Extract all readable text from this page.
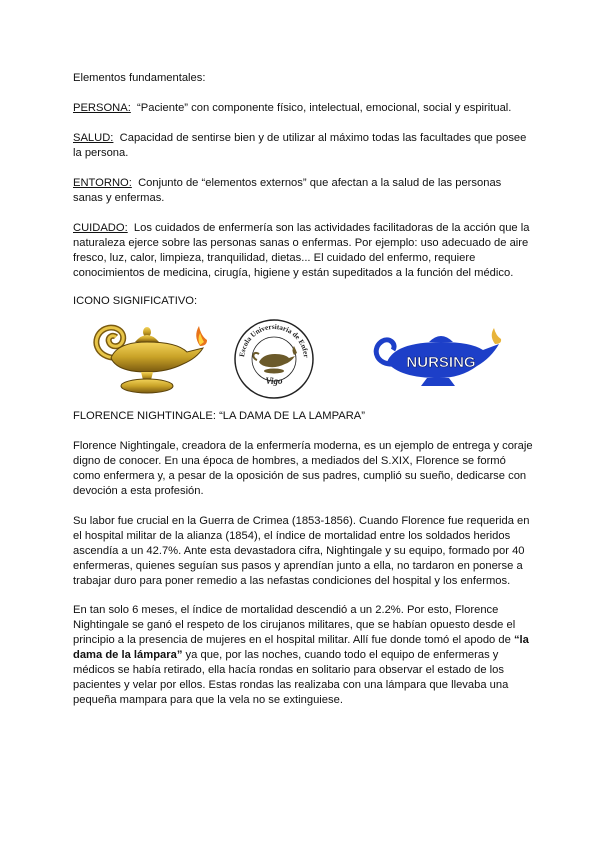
Elementos fundamentales:

PERSONA: “Paciente” con componente físico, intelectual, emocional, social y espiritual.

SALUD: Capacidad de sentirse bien y de utilizar al máximo todas las facultades que posee la persona.

ENTORNO: Conjunto de “elementos externos” que afectan a la salud de las personas sanas y enfermas.

CUIDADO: Los cuidados de enfermería son las actividades facilitadoras de la acción que la naturaleza ejerce sobre las personas sanas o enfermas. Por ejemplo: uso adecuado de aire fresco, luz, calor, limpieza, tranquilidad, dietas... El cuidado del enfermo, requiere conocimientos de medicina, cirugía, higiene y están supeditados a la función del médico.

ICONO SIGNIFICATIVO:

Escola Universitaria de Enfer
Vigo
NURSING

FLORENCE NIGHTINGALE: “LA DAMA DE LA LAMPARA”

Florence Nightingale, creadora de la enfermería moderna, es un ejemplo de entrega y coraje digno de conocer. En una época de hombres, a mediados del S.XIX, Florence se formó como enfermera y, a pesar de la oposición de sus padres, cumplió su sueño, dedicarse con devoción a esta profesión.

Su labor fue crucial en la Guerra de Crimea (1853-1856). Cuando Florence fue requerida en el hospital militar de la alianza (1854), el índice de mortalidad entre los soldados heridos ascendía a un 42.7%. Ante esta devastadora cifra, Nightingale y su equipo, formado por 40 enfermeras, quienes seguían sus pasos y aprendían junto a ella, no tardaron en ponerse a trabajar duro para poner remedio a las nefastas condiciones del hospital y los enfermos.

En tan solo 6 meses, el índice de mortalidad descendió a un 2.2%. Por esto, Florence Nightingale se ganó el respeto de los cirujanos militares, que se habían opuesto desde el principio a la presencia de mujeres en el hospital militar. Allí fue donde tomó el apodo de “la dama de la lámpara” ya que, por las noches, cuando todo el equipo de enfermeras y médicos se había retirado, ella hacía rondas en solitario para observar el estado de los pacientes y velar por ellos. Estas rondas las realizaba con una lámpara que llevaba una pequeña mampara para que la vela no se extinguiese.
